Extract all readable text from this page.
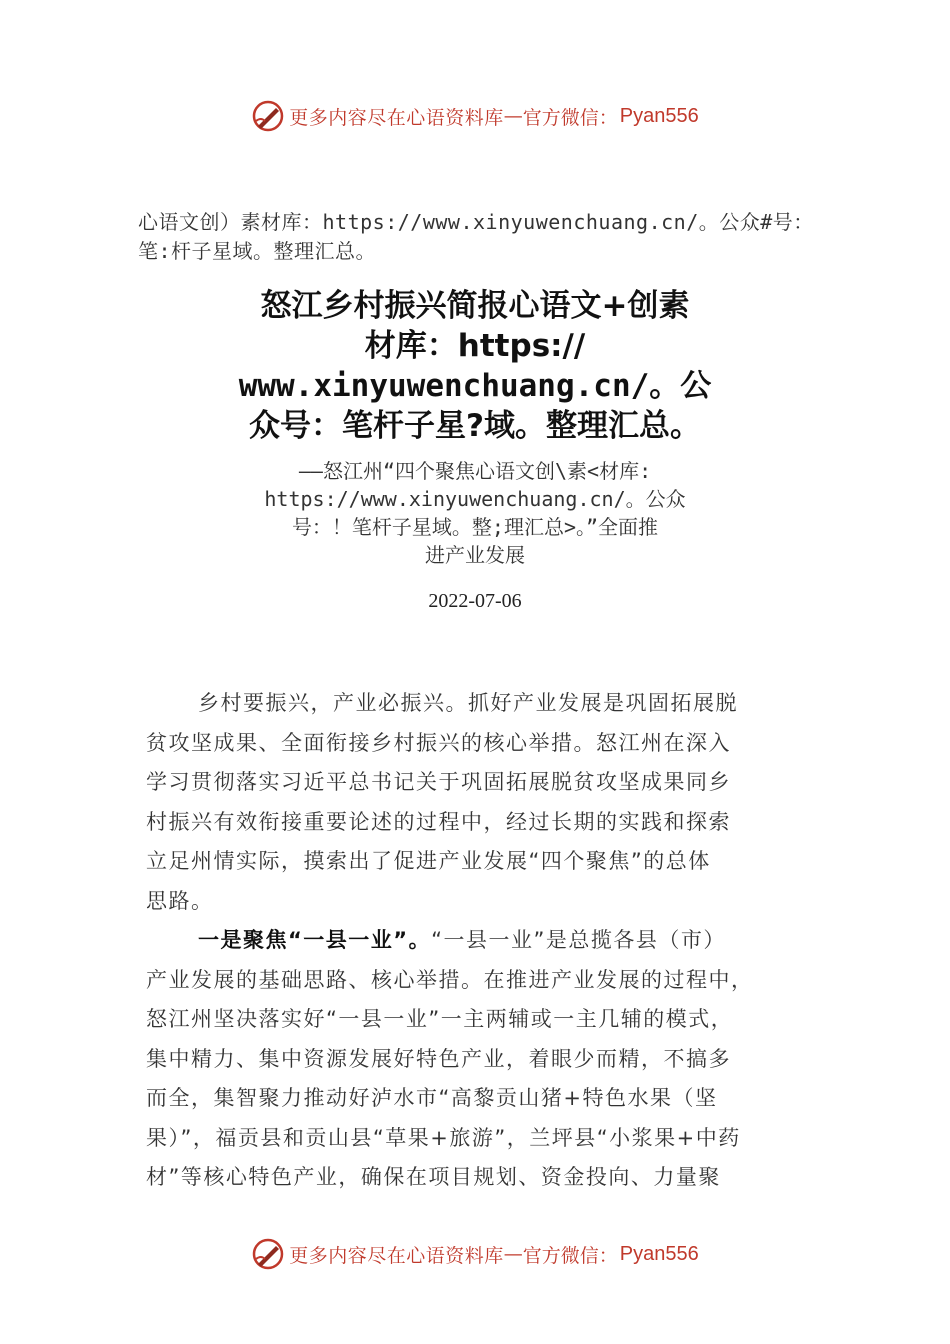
更多内容尽在心语资料库 — 官方微信： Pyan556
心语文创）素材库：https://www.xinyuwenchuang.cn/。公众#号：
笔:杆子星域。整理汇总。
怒江乡村振兴简报心语文+创素
材库：https://
www.xinyuwenchuang.cn/。公
众号：笔杆子星?域。整理汇总。
——怒江州“四个聚焦心语文创\素<材库:
https://www.xinyuwenchuang.cn/。公众
号：！笔杆子星域。整;理汇总>。”全面推
进产业发展
2022-07-06
乡村要振兴，产业必振兴。抓好产业发展是巩固拓展脱
贫攻坚成果、全面衔接乡村振兴的核心举措。怒江州在深入
学习贯彻落实习近平总书记关于巩固拓展脱贫攻坚成果同乡
村振兴有效衔接重要论述的过程中，经过长期的实践和探索
立足州情实际，摸索出了促进产业发展“四个聚焦”的总体
思路。
一是聚焦“一县一业”。“一县一业”是总揽各县（市）
产业发展的基础思路、核心举措。在推进产业发展的过程中，
怒江州坚决落实好“一县一业”一主两辅或一主几辅的模式，
集中精力、集中资源发展好特色产业，着眼少而精，不搞多
而全，集智聚力推动好泸水市“高黎贡山猪+特色水果（坚
果）”，福贡县和贡山县“草果+旅游”，兰坪县“小浆果+中药
材”等核心特色产业，确保在项目规划、资金投向、力量聚
更多内容尽在心语资料库 — 官方微信： Pyan556
